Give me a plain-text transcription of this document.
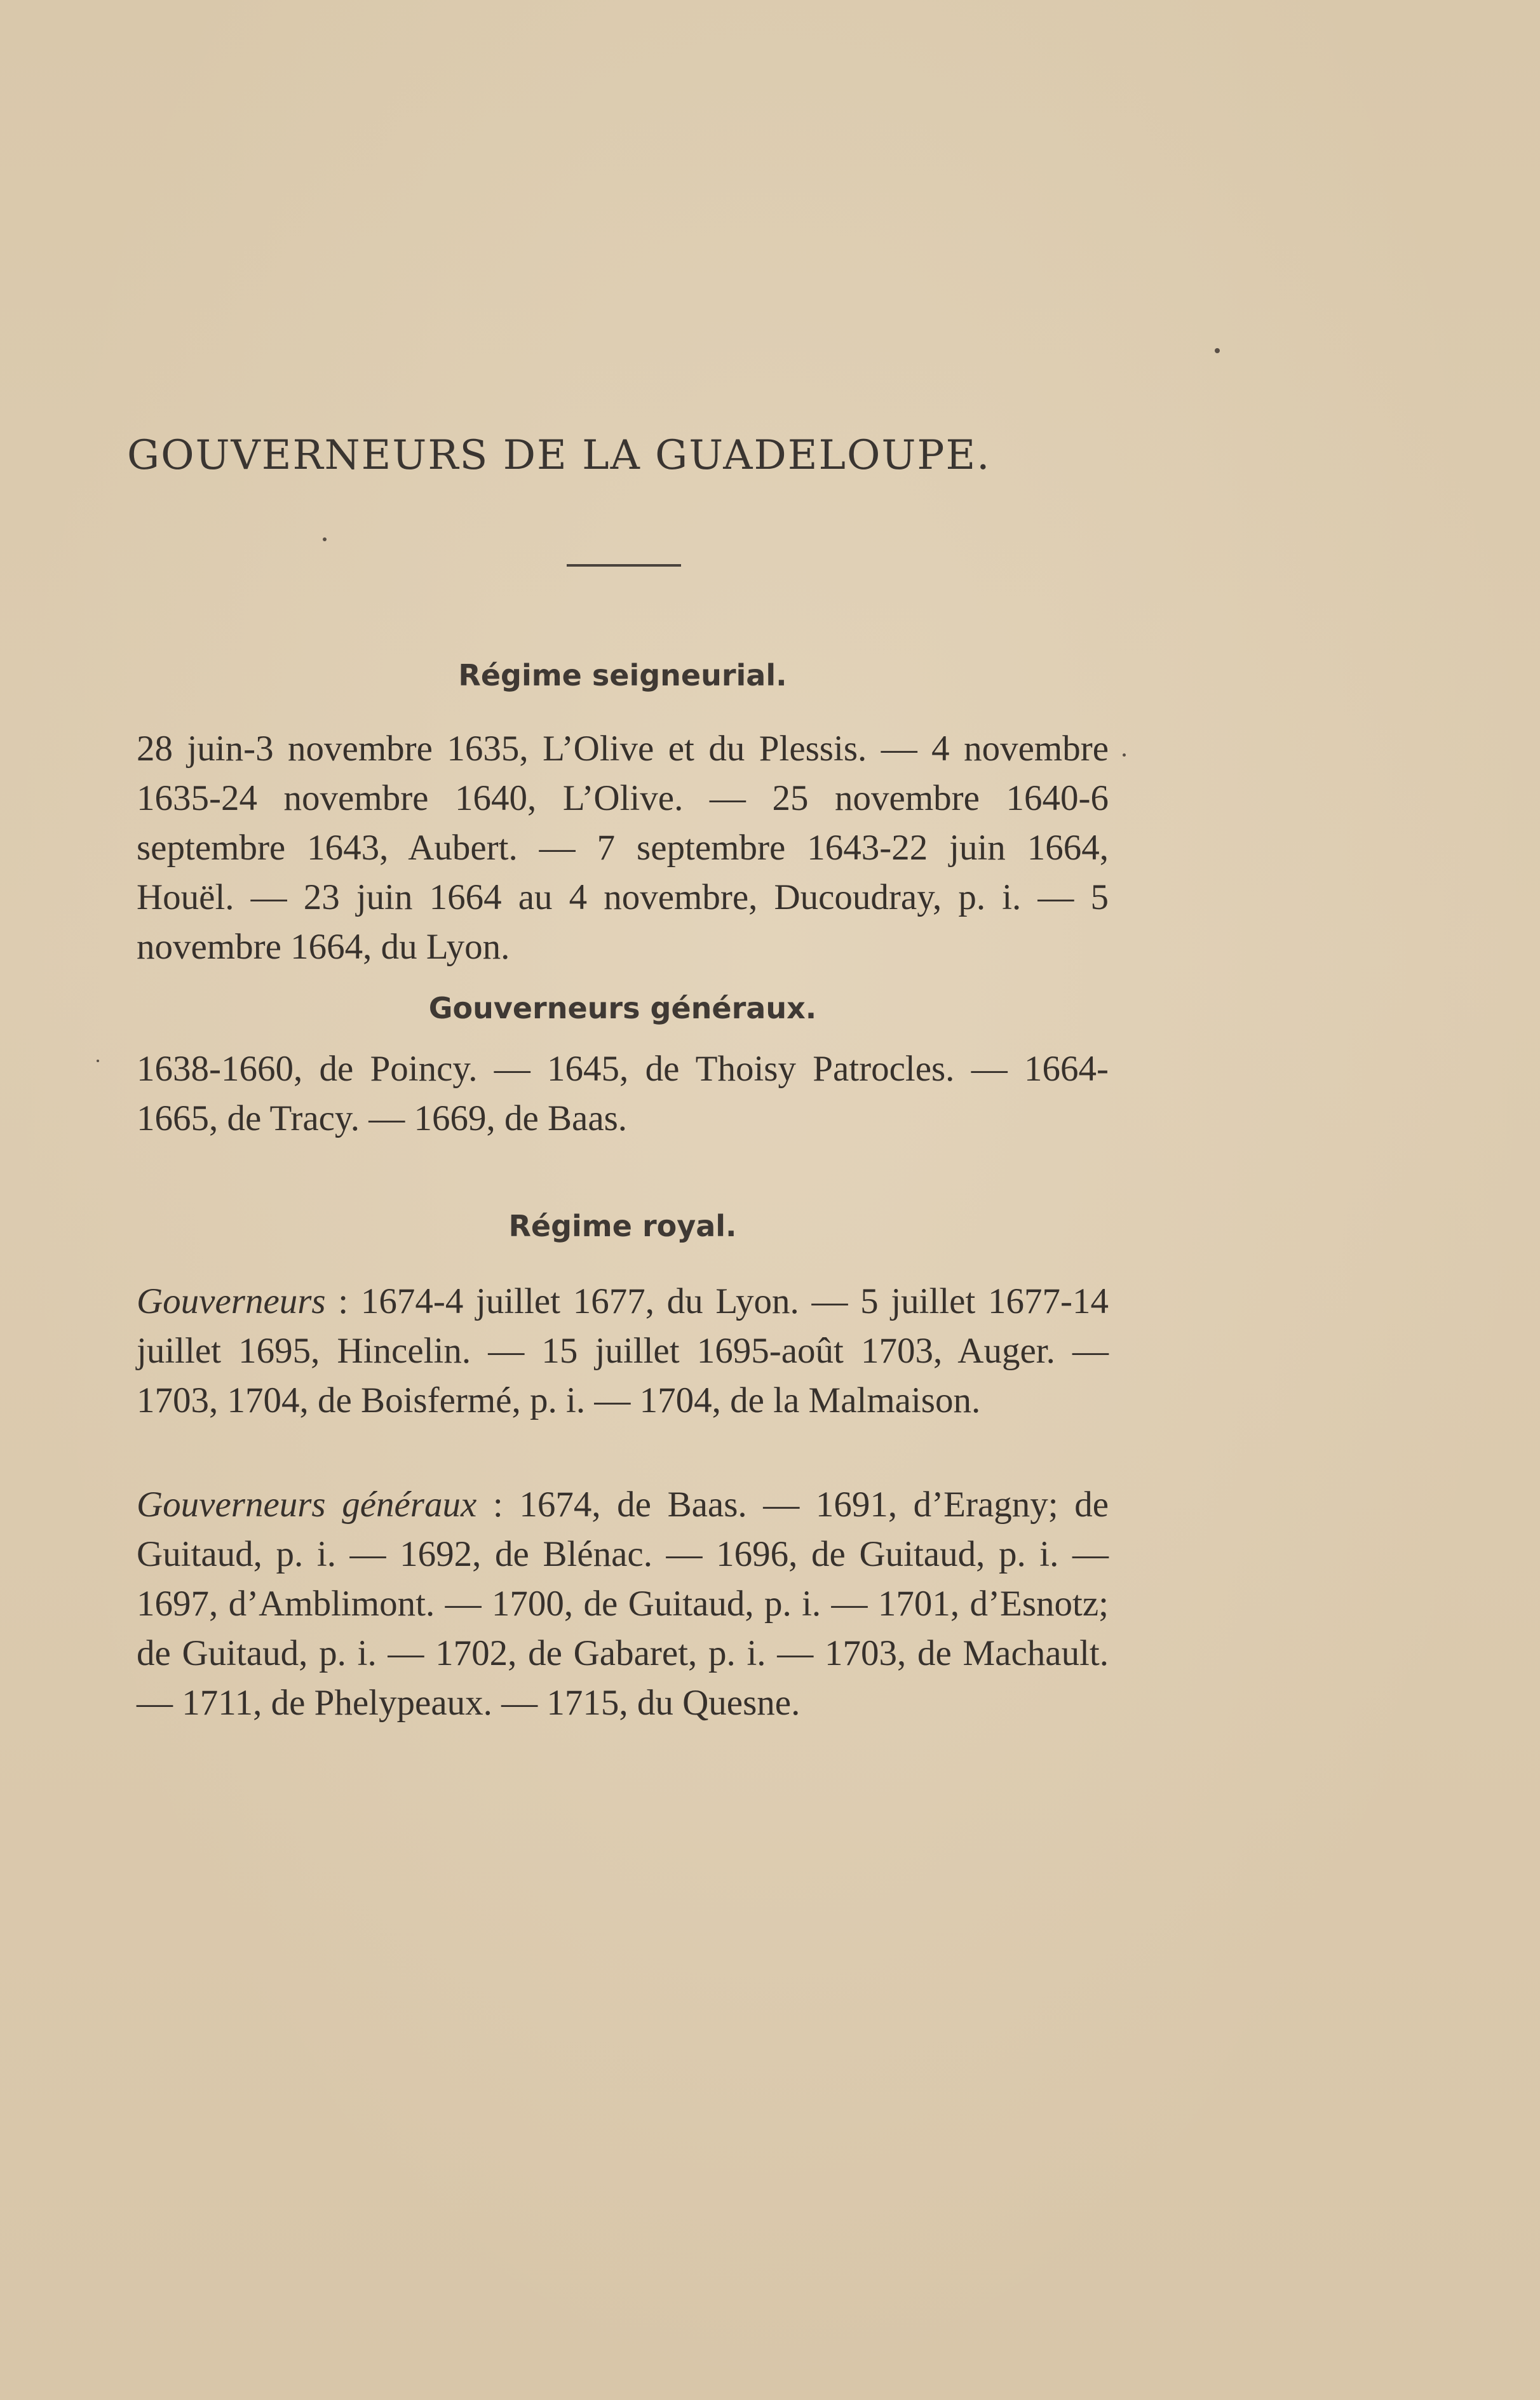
GOUVERNEURS DE LA GUADELOUPE.
Régime seigneurial.
28 juin-3 novembre 1635, L’Olive et du Plessis. — 4 novembre 1635-24 novembre 1640, L’Olive. — 25 novembre 1640-6 septembre 1643, Aubert. — 7 septembre 1643-22 juin 1664, Houël. — 23 juin 1664 au 4 novembre, Ducoudray, p. i. — 5 novembre 1664, du Lyon.
Gouverneurs généraux.
1638-1660, de Poincy. — 1645, de Thoisy Patrocles. — 1664-1665, de Tracy. — 1669, de Baas.
Régime royal.
Gouverneurs : 1674-4 juillet 1677, du Lyon. — 5 juillet 1677-14 juillet 1695, Hincelin. — 15 juillet 1695-août 1703, Auger. — 1703, 1704, de Boisfermé, p. i. — 1704, de la Malmaison.
Gouverneurs généraux : 1674, de Baas. — 1691, d’Eragny; de Guitaud, p. i. — 1692, de Blénac. — 1696, de Guitaud, p. i. — 1697, d’Amblimont. — 1700, de Guitaud, p. i. — 1701, d’Esnotz; de Guitaud, p. i. — 1702, de Gabaret, p. i. — 1703, de Machault. — 1711, de Phelypeaux. — 1715, du Quesne.
